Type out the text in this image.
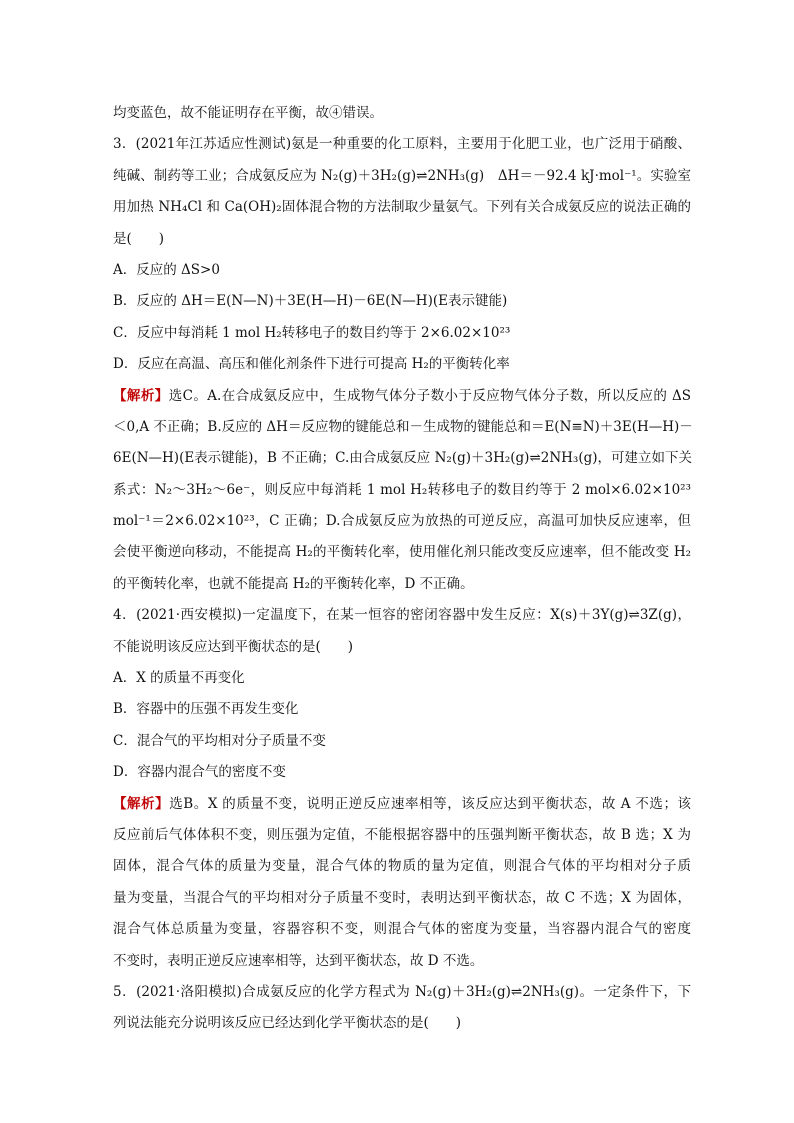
均变蓝色，故不能证明存在平衡，故④错误。
3．(2021年江苏适应性测试)氨是一种重要的化工原料，主要用于化肥工业，也广泛用于硝酸、
纯碱、制药等工业；合成氨反应为 N₂(g)＋3H₂(g)⇌2NH₃(g)　ΔH＝－92.4 kJ·mol⁻¹。实验室
用加热 NH₄Cl 和 Ca(OH)₂固体混合物的方法制取少量氨气。下列有关合成氨反应的说法正确的
是(　　)
A．反应的 ΔS>0
B．反应的 ΔH＝E(N—N)＋3E(H—H)－6E(N—H)(E表示键能)
C．反应中每消耗 1 mol H₂转移电子的数目约等于 2×6.02×10²³
D．反应在高温、高压和催化剂条件下进行可提高 H₂的平衡转化率
【解析】选C。A.在合成氨反应中，生成物气体分子数小于反应物气体分子数，所以反应的 ΔS
＜0,A 不正确；B.反应的 ΔH＝反应物的键能总和－生成物的键能总和＝E(N≡N)＋3E(H—H)－
6E(N—H)(E表示键能)，B 不正确；C.由合成氨反应 N₂(g)＋3H₂(g)⇌2NH₃(g)，可建立如下关
系式：N₂～3H₂～6e⁻，则反应中每消耗 1 mol H₂转移电子的数目约等于 2 mol×6.02×10²³
mol⁻¹＝2×6.02×10²³，C 正确；D.合成氨反应为放热的可逆反应，高温可加快反应速率，但
会使平衡逆向移动，不能提高 H₂的平衡转化率，使用催化剂只能改变反应速率，但不能改变 H₂
的平衡转化率，也就不能提高 H₂的平衡转化率，D 不正确。
4．(2021·西安模拟)一定温度下，在某一恒容的密闭容器中发生反应：X(s)＋3Y(g)⇌3Z(g)，
不能说明该反应达到平衡状态的是(　　)
A．X 的质量不再变化
B．容器中的压强不再发生变化
C．混合气的平均相对分子质量不变
D．容器内混合气的密度不变
【解析】选B。X 的质量不变，说明正逆反应速率相等，该反应达到平衡状态，故 A 不选；该
反应前后气体体积不变，则压强为定值，不能根据容器中的压强判断平衡状态，故 B 选；X 为
固体，混合气体的质量为变量，混合气体的物质的量为定值，则混合气体的平均相对分子质
量为变量，当混合气的平均相对分子质量不变时，表明达到平衡状态，故 C 不选；X 为固体，
混合气体总质量为变量，容器容积不变，则混合气体的密度为变量，当容器内混合气的密度
不变时，表明正逆反应速率相等，达到平衡状态，故 D 不选。
5．(2021·洛阳模拟)合成氨反应的化学方程式为 N₂(g)＋3H₂(g)⇌2NH₃(g)。一定条件下，下
列说法能充分说明该反应已经达到化学平衡状态的是(　　)
